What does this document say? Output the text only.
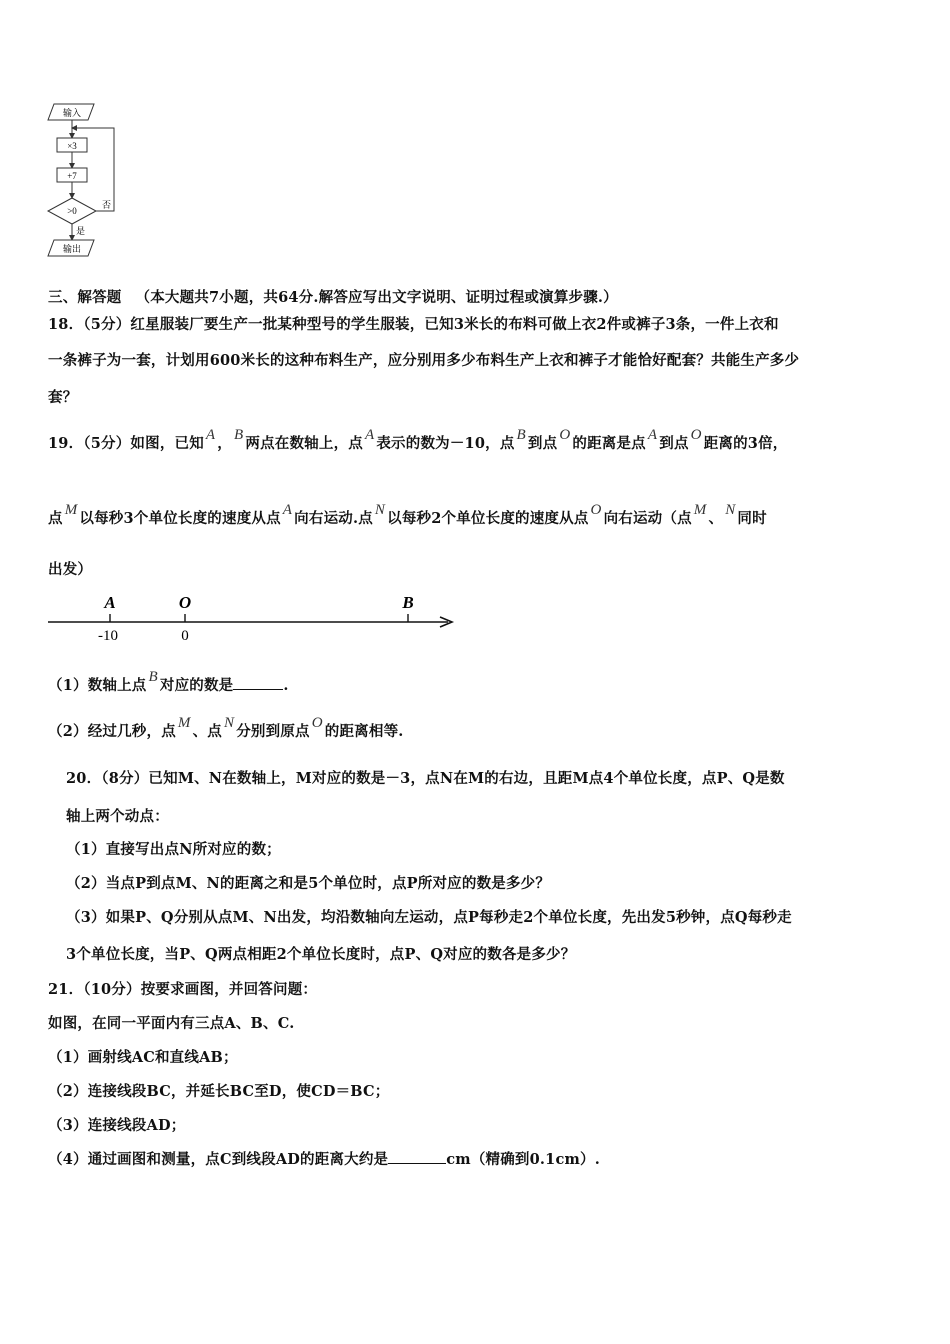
输入
×3
+7
>0
否
是
输出
三、解答题 （本大题共7小题，共64分.解答应写出文字说明、证明过程或演算步骤.）
18．（5分）红星服装厂要生产一批某种型号的学生服装，已知3米长的布料可做上衣2件或裤子3条，一件上衣和
一条裤子为一套，计划用600米长的这种布料生产，应分别用多少布料生产上衣和裤子才能恰好配套？共能生产多少
套？
19．（5分）如图，已知 A ， B 两点在数轴上，点 A 表示的数为－10，点 B 到点 O 的距离是点 A 到点 O 距离的3倍，
点 M 以每秒3个单位长度的速度从点 A 向右运动.点 N 以每秒2个单位长度的速度从点 O 向右运动（点 M 、 N 同时
出发）
A	O	B
-10	0
（1）数轴上点 B 对应的数是	.
（2）经过几秒，点 M 、点 N 分别到原点 O 的距离相等.
20．（8分）已知M、N在数轴上，M对应的数是－3，点N在M的右边，且距M点4个单位长度，点P、Q是数
轴上两个动点：
（1）直接写出点N所对应的数；
（2）当点P到点M、N的距离之和是5个单位时，点P所对应的数是多少？
（3）如果P、Q分别从点M、N出发，均沿数轴向左运动，点P每秒走2个单位长度，先出发5秒钟，点Q每秒走
3个单位长度，当P、Q两点相距2个单位长度时，点P、Q对应的数各是多少？
21．（10分）按要求画图，并回答问题：
如图，在同一平面内有三点A、B、C.
（1）画射线AC和直线AB；
（2）连接线段BC，并延长BC至D，使CD＝BC；
（3）连接线段AD；
（4）通过画图和测量，点C到线段AD的距离大约是	cm（精确到0.1cm）.
